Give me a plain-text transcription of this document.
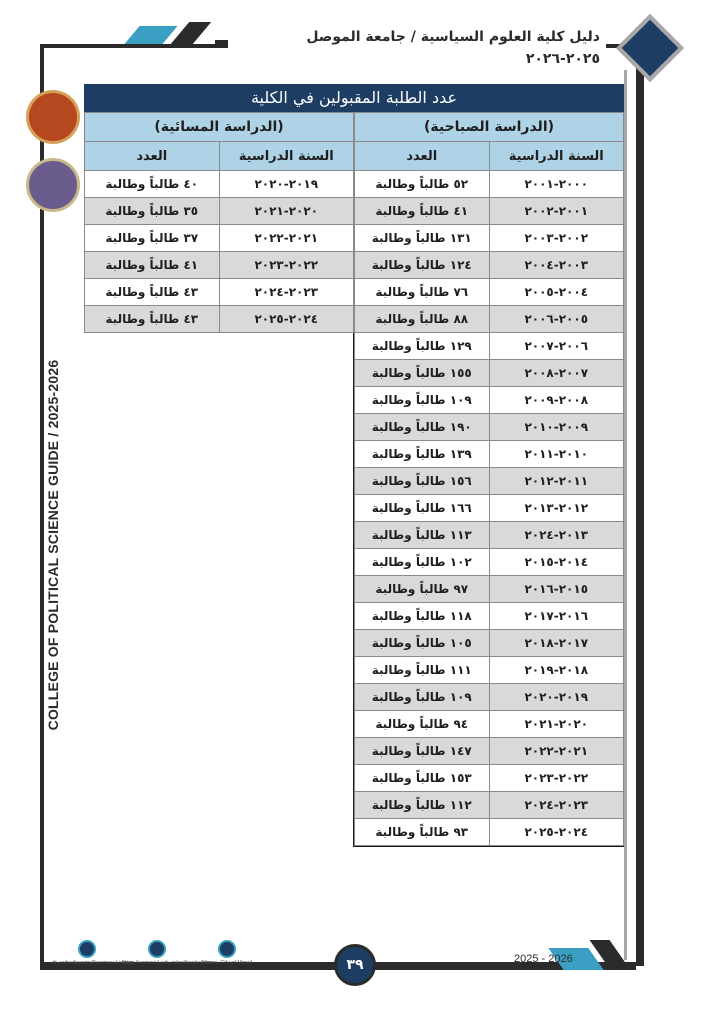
دليل كلية العلوم السياسية / جامعة الموصل ٢٠٢٥-٢٠٢٦
COLLEGE OF POLITICAL SCIENCE GUIDE / 2025-2026
عدد الطلبة المقبولين في الكلية
(الدراسة الصباحية)	
السنة الدراسية	العدد
٢٠٠٠-٢٠٠١	٥٢ طالباً وطالبة
٢٠٠١-٢٠٠٢	٤١ طالباً وطالبة
٢٠٠٢-٢٠٠٣	١٣١ طالباً وطالبة
٢٠٠٣-٢٠٠٤	١٢٤ طالباً وطالبة
٢٠٠٤-٢٠٠٥	٧٦ طالباً وطالبة
٢٠٠٥-٢٠٠٦	٨٨ طالباً وطالبة
٢٠٠٦-٢٠٠٧	١٢٩ طالباً وطالبة
٢٠٠٧-٢٠٠٨	١٥٥ طالباً وطالبة
٢٠٠٨-٢٠٠٩	١٠٩ طالباً وطالبة
٢٠٠٩-٢٠١٠	١٩٠ طالباً وطالبة
٢٠١٠-٢٠١١	١٣٩ طالباً وطالبة
٢٠١١-٢٠١٢	١٥٦ طالباً وطالبة
٢٠١٢-٢٠١٣	١٦٦ طالباً وطالبة
٢٠١٣-٢٠٢٤	١١٣ طالباً وطالبة
٢٠١٤-٢٠١٥	١٠٢ طالباً وطالبة
٢٠١٥-٢٠١٦	٩٧ طالباً وطالبة
٢٠١٦-٢٠١٧	١١٨ طالباً وطالبة
٢٠١٧-٢٠١٨	١٠٥ طالباً وطالبة
٢٠١٨-٢٠١٩	١١١ طالباً وطالبة
٢٠١٩-٢٠٢٠	١٠٩ طالباً وطالبة
٢٠٢٠-٢٠٢١	٩٤ طالباً وطالبة
٢٠٢١-٢٠٢٢	١٤٧ طالباً وطالبة
٢٠٢٢-٢٠٢٣	١٥٣ طالباً وطالبة
٢٠٢٣-٢٠٢٤	١١٢ طالباً وطالبة
٢٠٢٤-٢٠٢٥	٩٣ طالباً وطالبة
(الدراسة المسائية)	
السنة الدراسية	العدد
٢٠١٩-٢٠٢٠	٤٠ طالباً وطالبة
٢٠٢٠-٢٠٢١	٣٥ طالباً وطالبة
٢٠٢١-٢٠٢٢	٣٧ طالباً وطالبة
٢٠٢٢-٢٠٢٣	٤١ طالباً وطالبة
٢٠٢٣-٢٠٢٤	٤٣ طالباً وطالبة
٢٠٢٤-٢٠٢٥	٤٣ طالباً وطالبة
2025 - 2026
٣٩
dr_suhadjassim@uomosul.edu.iq
https://uomosul.edu.iq/politicalscience
Ninwa, City of Mosul
